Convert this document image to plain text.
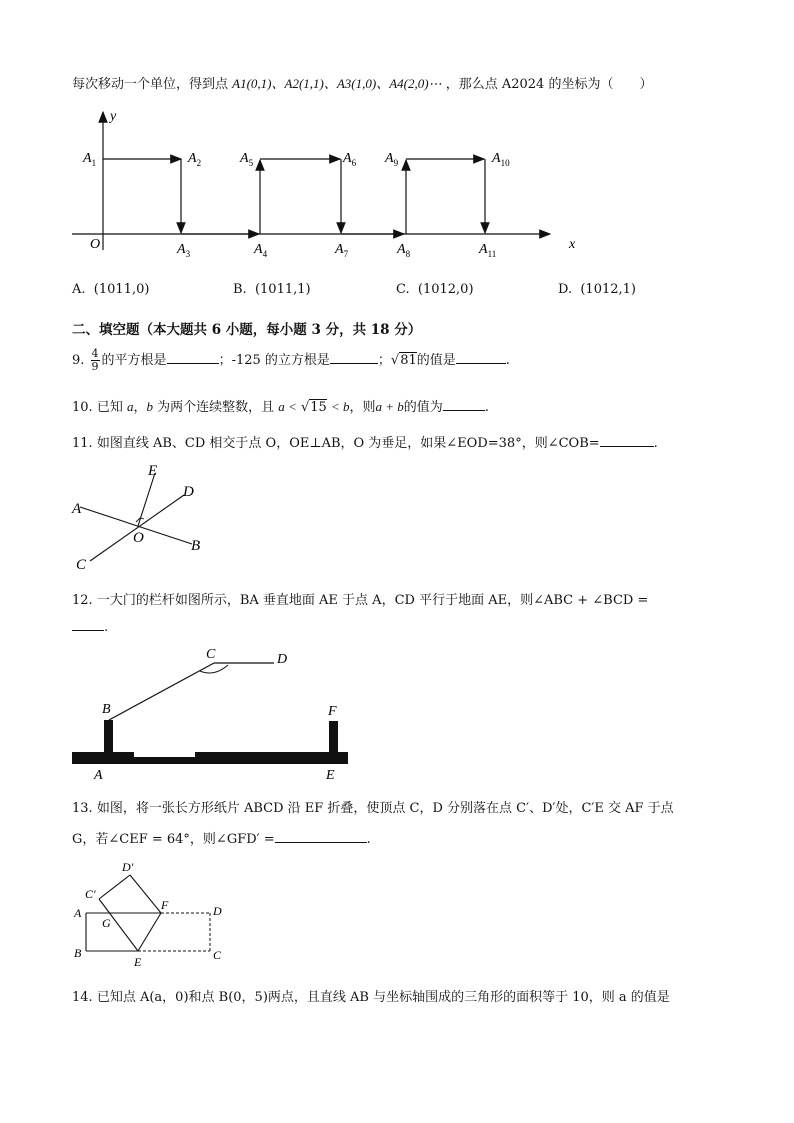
每次移动一个单位，得到点 A1(0,1)、A2(1,1)、A3(1,0)、A4(2,0)⋯ ，那么点 A2024 的坐标为（　　）
x
y
O
$A_1$	$A_2$
$A_3$	$A_4$
$A_5$	$A_6$
$A_7$	$A_8$
$A_9$	$A_{10}$
$A_{11}$
A. (1011,0)	B. (1011,1)	C. (1012,0)	D. (1012,1)
二、填空题（本大题共 6 小题，每小题 3 分，共 18 分）
9. $\frac{4}{9}$ 的平方根是	；-125 的立方根是	；√81的值是	.
10. 已知 a，b 为两个连续整数，且 a < √15 < b，则a + b的值为	.
11. 如图直线 AB、CD 相交于点 O，OE⊥AB，O 为垂足，如果∠EOD=38°，则∠COB=	.
A
B
C
D
E
O
12. 一大门的栏杆如图所示，BA 垂直地面 AE 于点 A，CD 平行于地面 AE，则∠ABC + ∠BCD =
.
B
C	D
F
A	E
13. 如图，将一张长方形纸片 ABCD 沿 EF 折叠，使顶点 C，D 分别落在点 C′、D′处，C′E 交 AF 于点
G，若∠CEF = 64°，则∠GFD′ =	.
A
B	C
D
E
F
G
C′
D′
14. 已知点 A(a，0)和点 B(0，5)两点，且直线 AB 与坐标轴围成的三角形的面积等于 10，则 a 的值是
